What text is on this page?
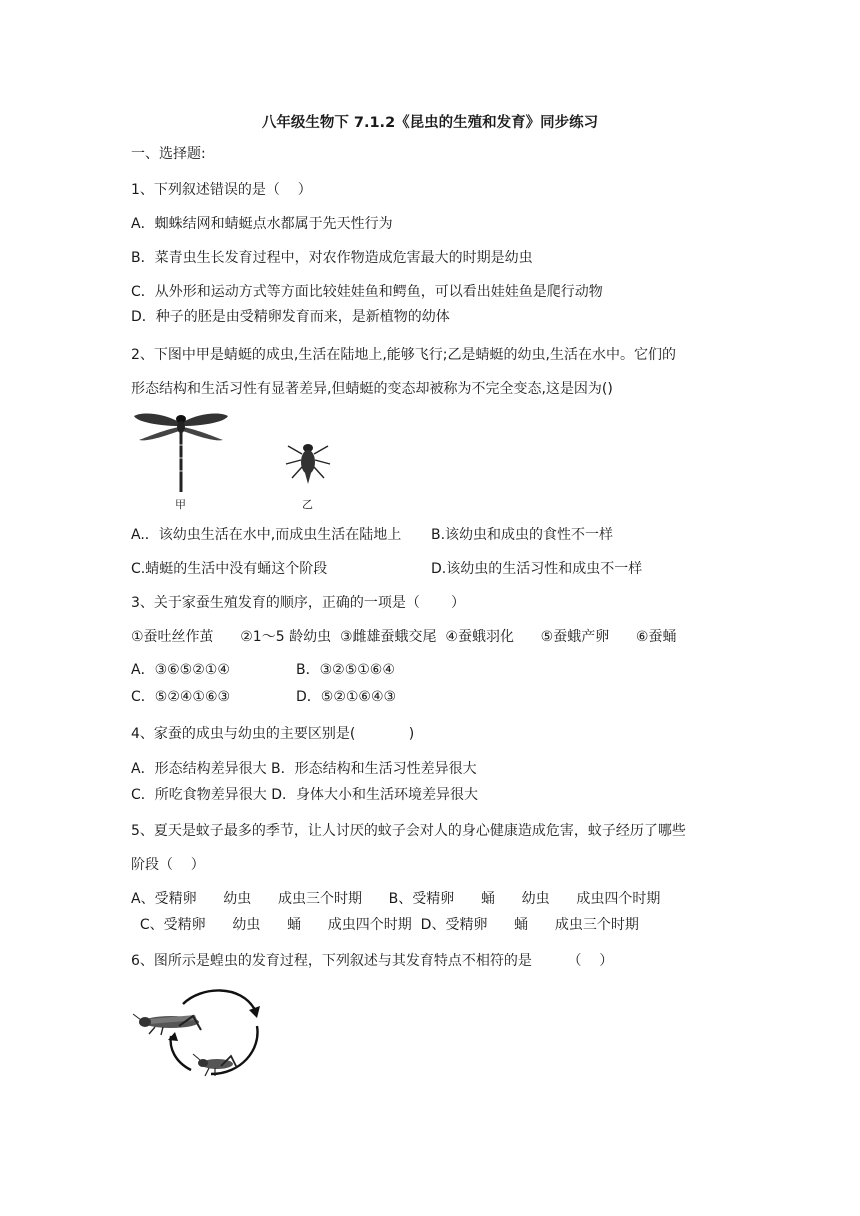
八年级生物下 7.1.2《昆虫的生殖和发育》同步练习
一、选择题:
1、下列叙述错误的是（    ）
A．蜘蛛结网和蜻蜓点水都属于先天性行为
B．菜青虫生长发育过程中，对农作物造成危害最大的时期是幼虫
C．从外形和运动方式等方面比较娃娃鱼和鳄鱼，可以看出娃娃鱼是爬行动物
D．种子的胚是由受精卵发育而来，是新植物的幼体
2、下图中甲是蜻蜓的成虫,生活在陆地上,能够飞行;乙是蜻蜓的幼虫,生活在水中。它们的
形态结构和生活习性有显著差异,但蜻蜓的变态却被称为不完全变态,这是因为()
甲	乙
A.．该幼虫生活在水中,而成虫生活在陆地上 B.该幼虫和成虫的食性不一样
C.蜻蜓的生活中没有蛹这个阶段	D.该幼虫的生活习性和成虫不一样
3、关于家蚕生殖发育的顺序，正确的一项是（       ）
①蚕吐丝作茧      ②1～5 龄幼虫  ③雌雄蚕蛾交尾  ④蚕蛾羽化      ⑤蚕蛾产卵      ⑥蚕蛹
A．③⑥⑤②①④	B．③②⑤①⑥④
C．⑤②④①⑥③	D．⑤②①⑥④③
4、家蚕的成虫与幼虫的主要区别是(            )
A．形态结构差异很大 B．形态结构和生活习性差异很大
C．所吃食物差异很大 D．身体大小和生活环境差异很大
5、夏天是蚊子最多的季节，让人讨厌的蚊子会对人的身心健康造成危害，蚊子经历了哪些
阶段（    ）
A、受精卵      幼虫      成虫三个时期      B、受精卵      蛹      幼虫      成虫四个时期
C、受精卵      幼虫      蛹      成虫四个时期  D、受精卵      蛹      成虫三个时期
6、图所示是蝗虫的发育过程，下列叙述与其发育特点不相符的是        （    ）
